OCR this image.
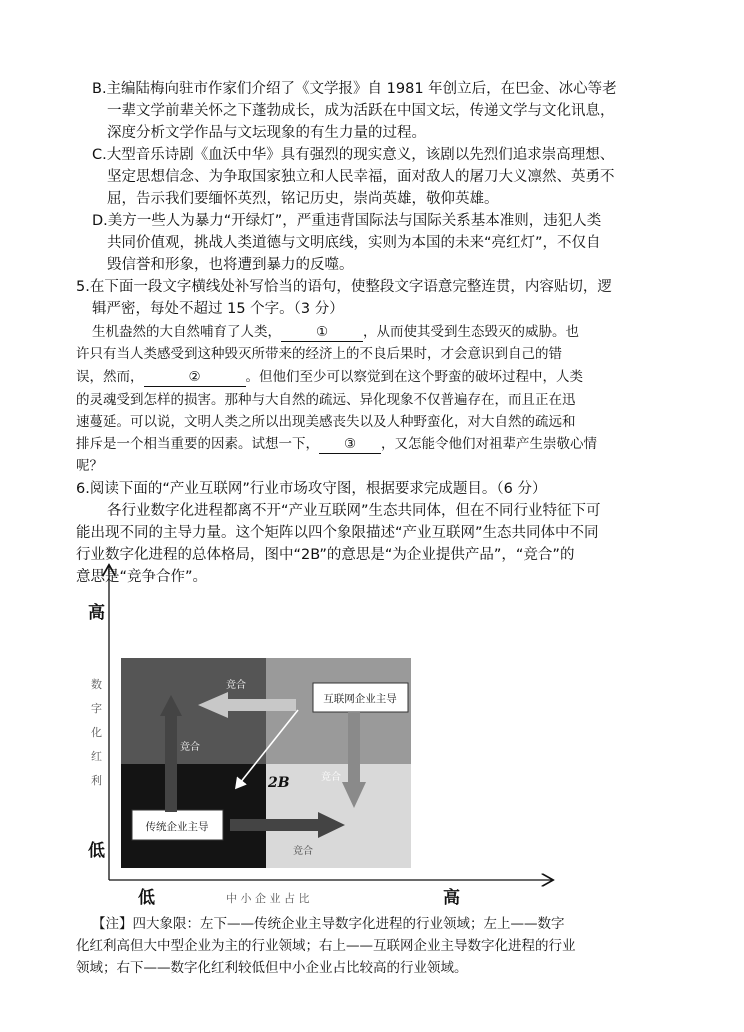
B.主编陆梅向驻市作家们介绍了《文学报》自 1981 年创立后，在巴金、冰心等老
一辈文学前辈关怀之下蓬勃成长，成为活跃在中国文坛，传递文学与文化讯息，
深度分析文学作品与文坛现象的有生力量的过程。
C.大型音乐诗剧《血沃中华》具有强烈的现实意义，该剧以先烈们追求崇高理想、
坚定思想信念、为争取国家独立和人民幸福，面对敌人的屠刀大义凛然、英勇不
屈，告示我们要缅怀英烈，铭记历史，崇尚英雄，敬仰英雄。
D.美方一些人为暴力“开绿灯”，严重违背国际法与国际关系基本准则，违犯人类
共同价值观，挑战人类道德与文明底线，实则为本国的未来“亮红灯”，不仅自
毁信誉和形象，也将遭到暴力的反噬。
5.在下面一段文字横线处补写恰当的语句，使整段文字语意完整连贯，内容贴切，逻
辑严密，每处不超过 15 个字。（3 分）
生机盎然的大自然哺育了人类，	①	，从而使其受到生态毁灭的威胁。也
许只有当人类感受到这种毁灭所带来的经济上的不良后果时，才会意识到自己的错
误，然而，	②	。但他们至少可以察觉到在这个野蛮的破坏过程中，人类
的灵魂受到怎样的损害。那种与大自然的疏远、异化现象不仅普遍存在，而且正在迅
速蔓延。可以说，文明人类之所以出现美感丧失以及人种野蛮化，对大自然的疏远和
排斥是一个相当重要的因素。试想一下， ③ ，又怎能令他们对祖辈产生崇敬心情
呢？
6.阅读下面的“产业互联网”行业市场攻守图，根据要求完成题目。（6 分）
各行业数字化进程都离不开“产业互联网”生态共同体，但在不同行业特征下可
能出现不同的主导力量。这个矩阵以四个象限描述“产业互联网”生态共同体中不同
行业数字化进程的总体格局，图中“2B”的意思是“为企业提供产品”，“竞合”的
意思是“竞争合作”。
高
低
数
字
化
红
利
低	高
中 小 企 业 占 比
互联网企业主导
传统企业主导
竞合
竞合
竞合
竞合
2B
【注】四大象限：左下——传统企业主导数字化进程的行业领域；左上——数字
化红利高但大中型企业为主的行业领域；右上——互联网企业主导数字化进程的行业
领域；右下——数字化红利较低但中小企业占比较高的行业领域。
